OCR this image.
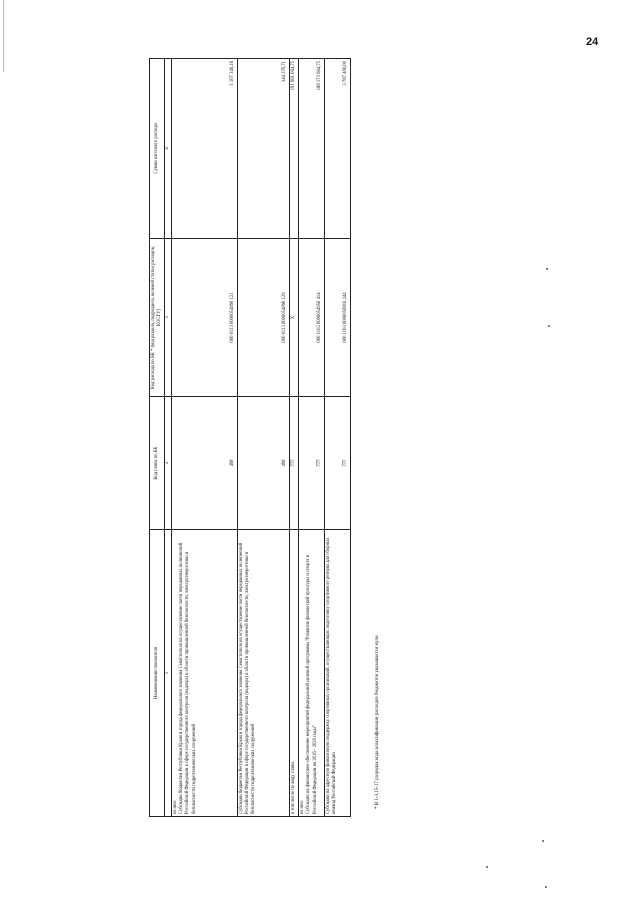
24
Наименование показателя	Код главы по БК	Код расхода по БК * (код раздела, подраздела, целевой статьи расходов, КОСГУ)	Сумма кассового расхода
1	2	3	4
из них:
Субсидии бюджетам Республики Крым и города федерального значения Севастополя на осуществление части переданных полномочий Российской Федерации в сфере государственного контроля (надзора) в области промышленной безопасности, электроэнергетики и безопасности гидротехнических сооружений	498	000 0113 0000054890 121	1 107 349,16
Субсидии бюджетам Республики Крым и города федерального значения Севастополя на осуществление части переданных полномочий Российской Федерации в сфере государственного контроля (надзора) в области промышленной безопасности, электроэнергетики и безопасности гидротехнических сооружений	498	000 0113 0000054890 129	344 370,71
в том числе по виду главы	777	X	191 961 064,75
из них:
Субсидии на финансовое обеспечение мероприятий федеральной целевой программы "Развитие физической культуры и спорта в Российской Федерации на 2016 - 2020 годы"	777	000 1102 0000054950 414	188 173 664,75
Субсидии на адресную финансовую поддержку спортивных организаций, осуществляющих подготовку спортивного резерва для сборных команд Российской Федерации	777	000 1103 0000050810 244	3 787 400,00
* В 1-3,15-17 разрядах кода классификации расходов бюджетов указывается нули
